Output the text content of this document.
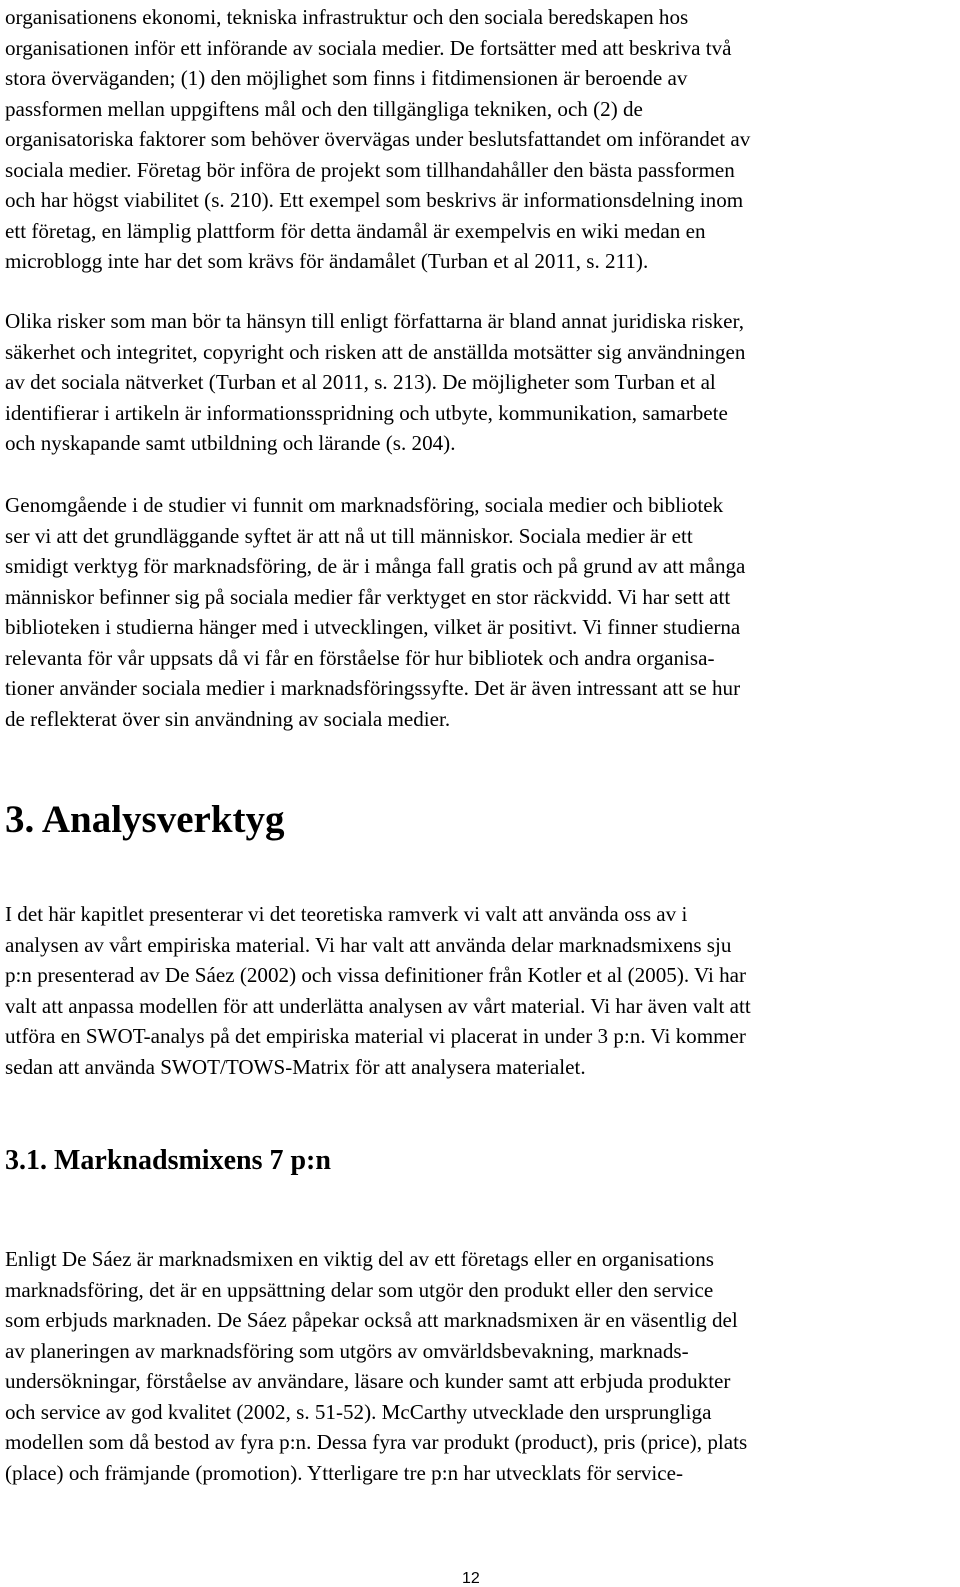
organisationens ekonomi, tekniska infrastruktur och den sociala beredskapen hos
organisationen inför ett införande av sociala medier. De fortsätter med att beskriva två
stora överväganden; (1) den möjlighet som finns i fitdimensionen är beroende av
passformen mellan uppgiftens mål och den tillgängliga tekniken, och (2) de
organisatoriska faktorer som behöver övervägas under beslutsfattandet om införandet av
sociala medier. Företag bör införa de projekt som tillhandahåller den bästa passformen
och har högst viabilitet (s. 210). Ett exempel som beskrivs är informationsdelning inom
ett företag, en lämplig plattform för detta ändamål är exempelvis en wiki medan en
microblogg inte har det som krävs för ändamålet (Turban et al 2011, s. 211).
Olika risker som man bör ta hänsyn till enligt författarna är bland annat juridiska risker,
säkerhet och integritet, copyright och risken att de anställda motsätter sig användningen
av det sociala nätverket (Turban et al 2011, s. 213). De möjligheter som Turban et al
identifierar i artikeln är informationsspridning och utbyte, kommunikation, samarbete
och nyskapande samt utbildning och lärande (s. 204).
Genomgående i de studier vi funnit om marknadsföring, sociala medier och bibliotek
ser vi att det grundläggande syftet är att nå ut till människor. Sociala medier är ett
smidigt verktyg för marknadsföring, de är i många fall gratis och på grund av att många
människor befinner sig på sociala medier får verktyget en stor räckvidd. Vi har sett att
biblioteken i studierna hänger med i utvecklingen, vilket är positivt. Vi finner studierna
relevanta för vår uppsats då vi får en förståelse för hur bibliotek och andra organisa-
tioner använder sociala medier i marknadsföringssyfte. Det är även intressant att se hur
de reflekterat över sin användning av sociala medier.
3. Analysverktyg
I det här kapitlet presenterar vi det teoretiska ramverk vi valt att använda oss av i
analysen av vårt empiriska material. Vi har valt att använda delar marknadsmixens sju
p:n presenterad av De Sáez (2002) och vissa definitioner från Kotler et al (2005). Vi har
valt att anpassa modellen för att underlätta analysen av vårt material. Vi har även valt att
utföra en SWOT-analys på det empiriska material vi placerat in under 3 p:n. Vi kommer
sedan att använda SWOT/TOWS-Matrix för att analysera materialet.
3.1. Marknadsmixens 7 p:n
Enligt De Sáez är marknadsmixen en viktig del av ett företags eller en organisations
marknadsföring, det är en uppsättning delar som utgör den produkt eller den service
som erbjuds marknaden. De Sáez påpekar också att marknadsmixen är en väsentlig del
av planeringen av marknadsföring som utgörs av omvärldsbevakning, marknads-
undersökningar, förståelse av användare, läsare och kunder samt att erbjuda produkter
och service av god kvalitet (2002, s. 51-52). McCarthy utvecklade den ursprungliga
modellen som då bestod av fyra p:n. Dessa fyra var produkt (product), pris (price), plats
(place) och främjande (promotion). Ytterligare tre p:n har utvecklats för service-
12
